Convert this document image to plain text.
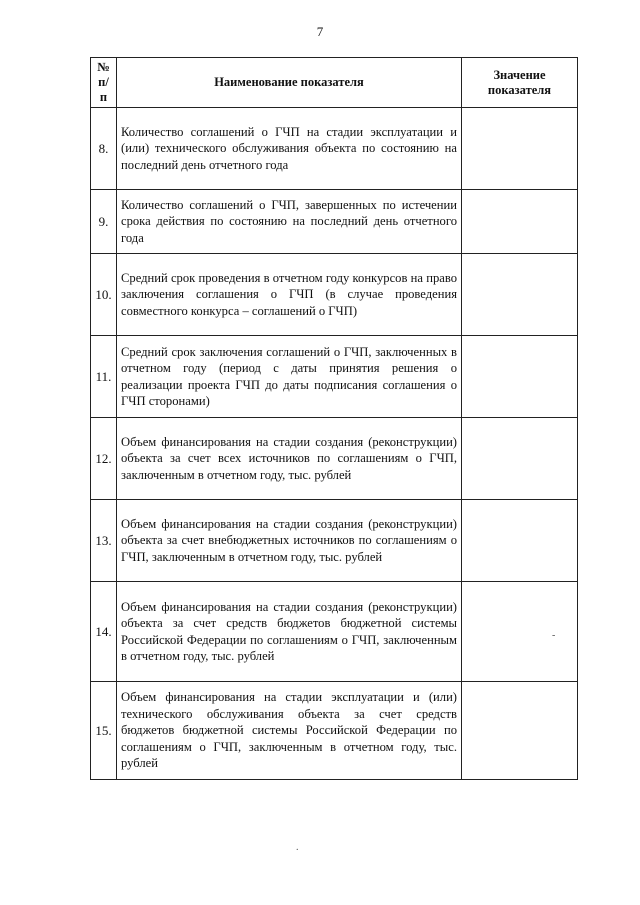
7
№
п/п	Наименование показателя	Значение показателя
8.	Количество соглашений о ГЧП на стадии эксплуатации и (или) технического обслуживания объекта по состоянию на последний день отчетного года	
9.	Количество соглашений о ГЧП, завершенных по истечении срока действия по состоянию на последний день отчетного года	
10.	Средний срок проведения в отчетном году конкурсов на право заключения соглашения о ГЧП (в случае проведения совместного конкурса – соглашений о ГЧП)	
11.	Средний срок заключения соглашений о ГЧП, заключенных в отчетном году (период с даты принятия решения о реализации проекта ГЧП до даты подписания соглашения о ГЧП сторонами)	
12.	Объем финансирования на стадии создания (реконструкции) объекта за счет всех источников по соглашениям о ГЧП, заключенным в отчетном году, тыс. рублей	
13.	Объем финансирования на стадии создания (реконструкции) объекта за счет внебюджетных источников по соглашениям о ГЧП, заключенным в отчетном году, тыс. рублей	
14.	Объем финансирования на стадии создания (реконструкции) объекта за счет средств бюджетов бюджетной системы Российской Федерации по соглашениям о ГЧП, заключенным в отчетном году, тыс. рублей	
15.	Объем финансирования на стадии эксплуатации и (или) технического обслуживания объекта за счет средств бюджетов бюджетной системы Российской Федерации по соглашениям о ГЧП, заключенным в отчетном году, тыс. рублей	
-
.
